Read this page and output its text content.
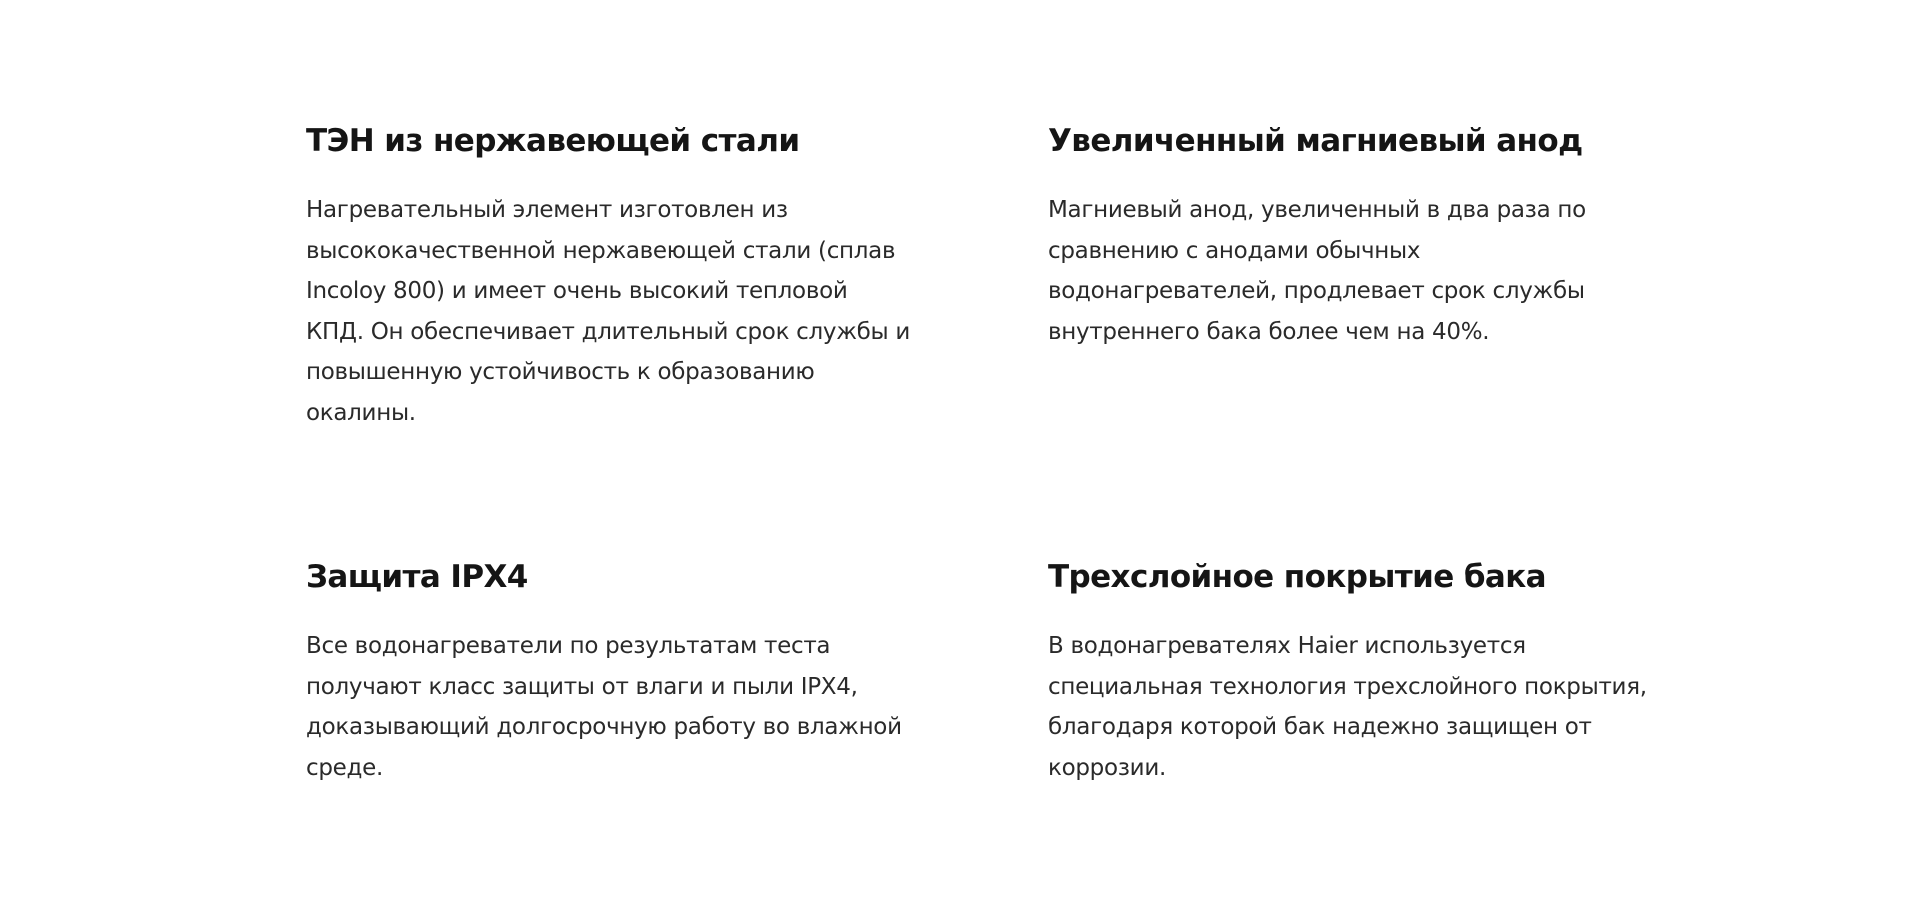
ТЭН из нержавеющей стали

Нагревательный элемент изготовлен из
высококачественной нержавеющей стали (сплав
Incoloy 800) и имеет очень высокий тепловой
КПД. Он обеспечивает длительный срок службы и
повышенную устойчивость к образованию
окалины.

Увеличенный магниевый анод

Магниевый анод, увеличенный в два раза по
сравнению с анодами обычных
водонагревателей, продлевает срок службы
внутреннего бака более чем на 40%.

Защита IPX4

Все водонагреватели по результатам теста
получают класс защиты от влаги и пыли IPX4,
доказывающий долгосрочную работу во влажной
среде.

Трехслойное покрытие бака

В водонагревателях Haier используется
специальная технология трехслойного покрытия,
благодаря которой бак надежно защищен от
коррозии.
